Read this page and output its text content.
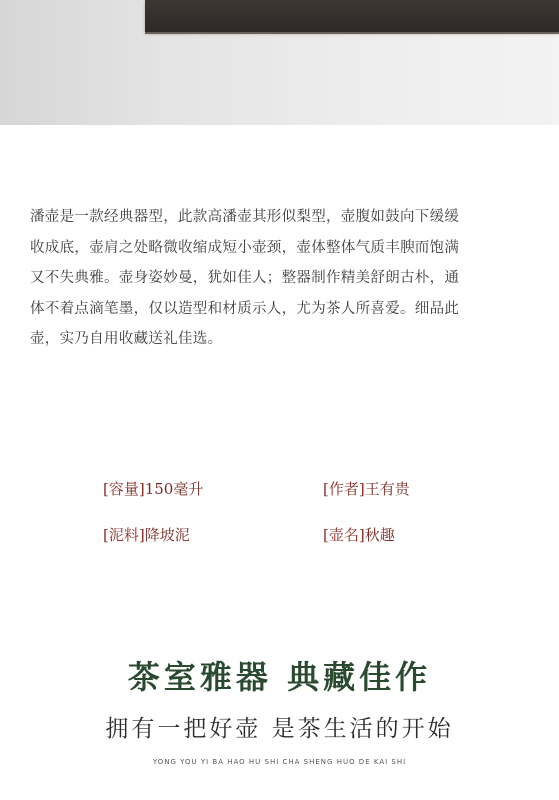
潘壶是一款经典器型，此款高潘壶其形似梨型，壶腹如鼓向下缓缓
收成底，壶肩之处略微收缩成短小壶颈，壶体整体气质丰腴而饱满
又不失典雅。壶身姿妙曼，犹如佳人；整器制作精美舒朗古朴，通
体不着点滴笔墨，仅以造型和材质示人，尤为茶人所喜爱。细品此
壶，实乃自用收藏送礼佳选。
[容量]150毫升	[作者]王有贵
[泥料]降坡泥	[壶名]秋趣
茶室雅器 典藏佳作
拥有一把好壶 是茶生活的开始
YONG YOU YI BA HAO HU SHI CHA SHENG HUO DE KAI SHI
